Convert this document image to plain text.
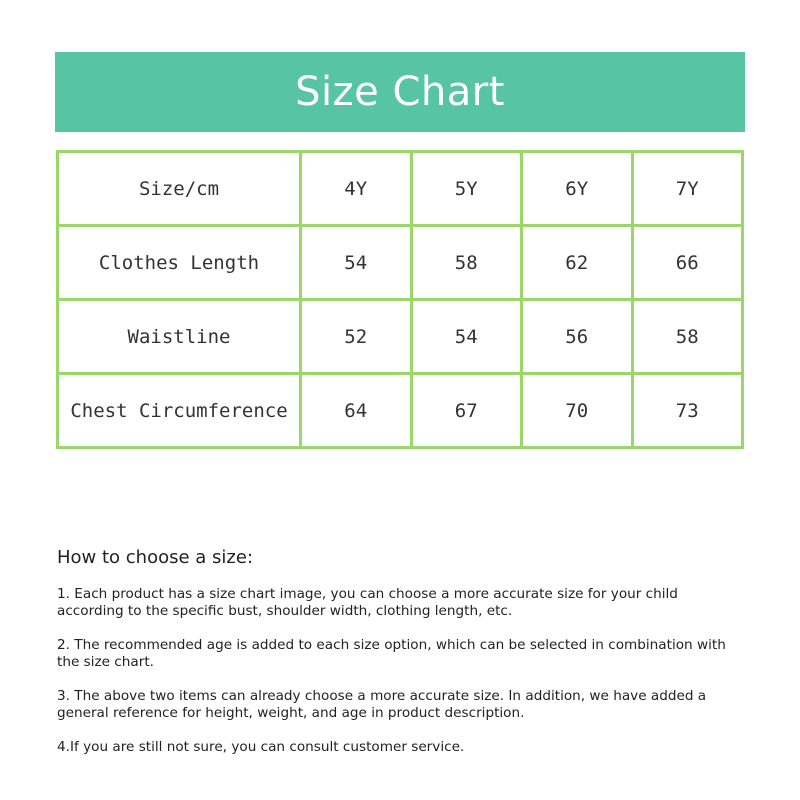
Size Chart
Size/cm	4Y	5Y	6Y	7Y
Clothes Length	54	58	62	66
Waistline	52	54	56	58
Chest Circumference	64	67	70	73

How to choose a size:

1. Each product has a size chart image, you can choose a more accurate size for your child according to the specific bust, shoulder width, clothing length, etc.

2. The recommended age is added to each size option, which can be selected in combination with the size chart.

3. The above two items can already choose a more accurate size. In addition, we have added a general reference for height, weight, and age in product description.

4.If you are still not sure, you can consult customer service.
